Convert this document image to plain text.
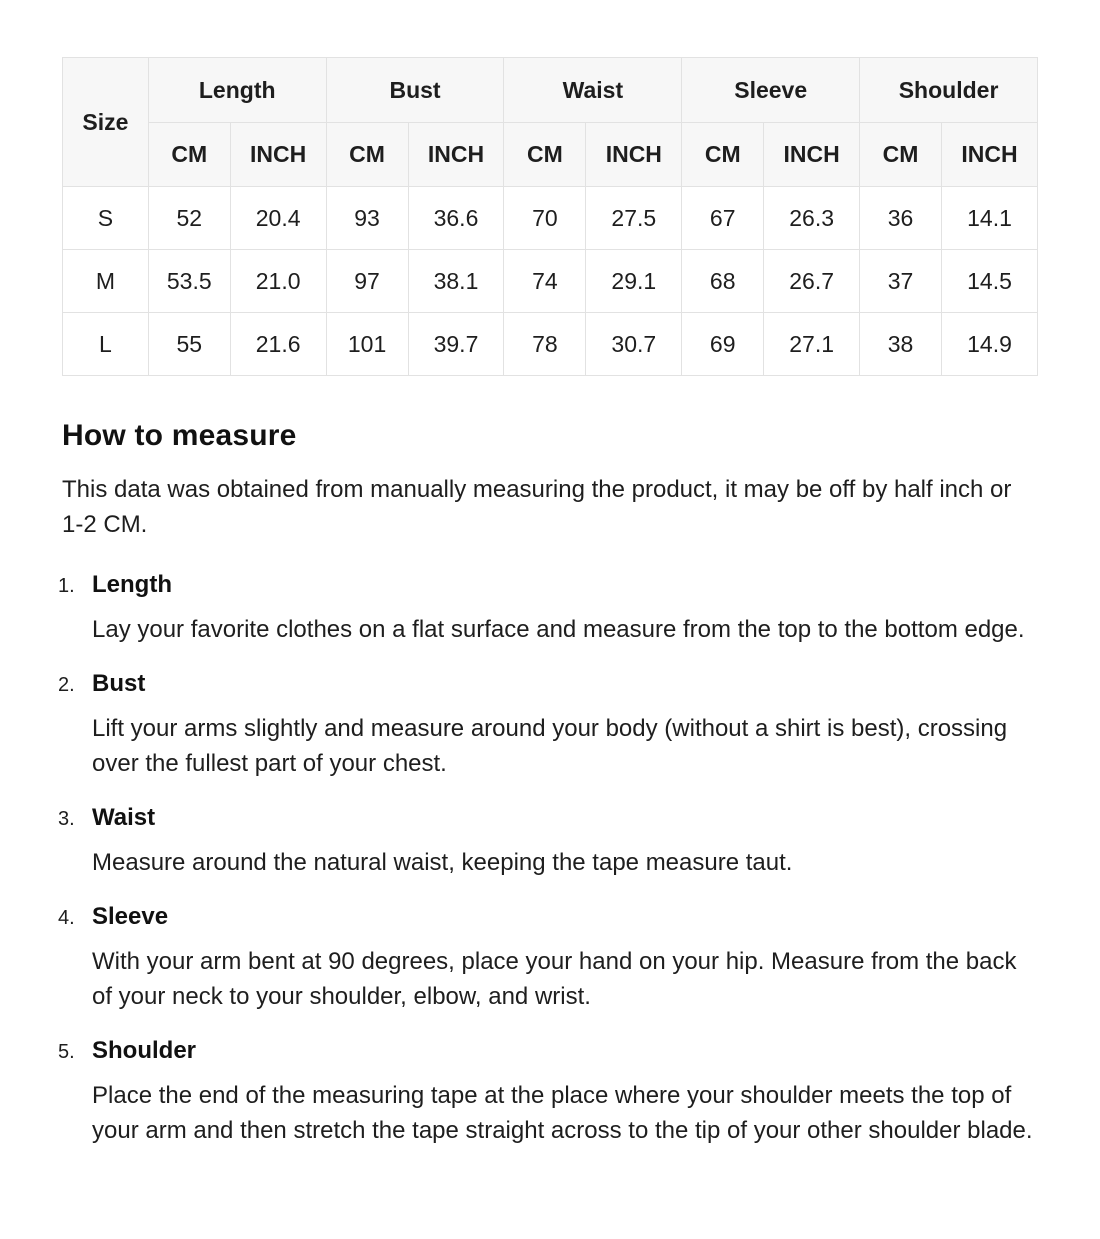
Size	Length		Bust		Waist		Sleeve		Shoulder	
	CM	INCH	CM	INCH	CM	INCH	CM	INCH	CM	INCH
S	52	20.4	93	36.6	70	27.5	67	26.3	36	14.1
M	53.5	21.0	97	38.1	74	29.1	68	26.7	37	14.5
L	55	21.6	101	39.7	78	30.7	69	27.1	38	14.9
How to measure

This data was obtained from manually measuring the product, it may be off by half inch or 1-2 CM.

1. Length

Lay your favorite clothes on a flat surface and measure from the top to the bottom edge.

2. Bust

Lift your arms slightly and measure around your body (without a shirt is best), crossing over the fullest part of your chest.

3. Waist

Measure around the natural waist, keeping the tape measure taut.

4. Sleeve

With your arm bent at 90 degrees, place your hand on your hip. Measure from the back of your neck to your shoulder, elbow, and wrist.

5. Shoulder

Place the end of the measuring tape at the place where your shoulder meets the top of your arm and then stretch the tape straight across to the tip of your other shoulder blade.
